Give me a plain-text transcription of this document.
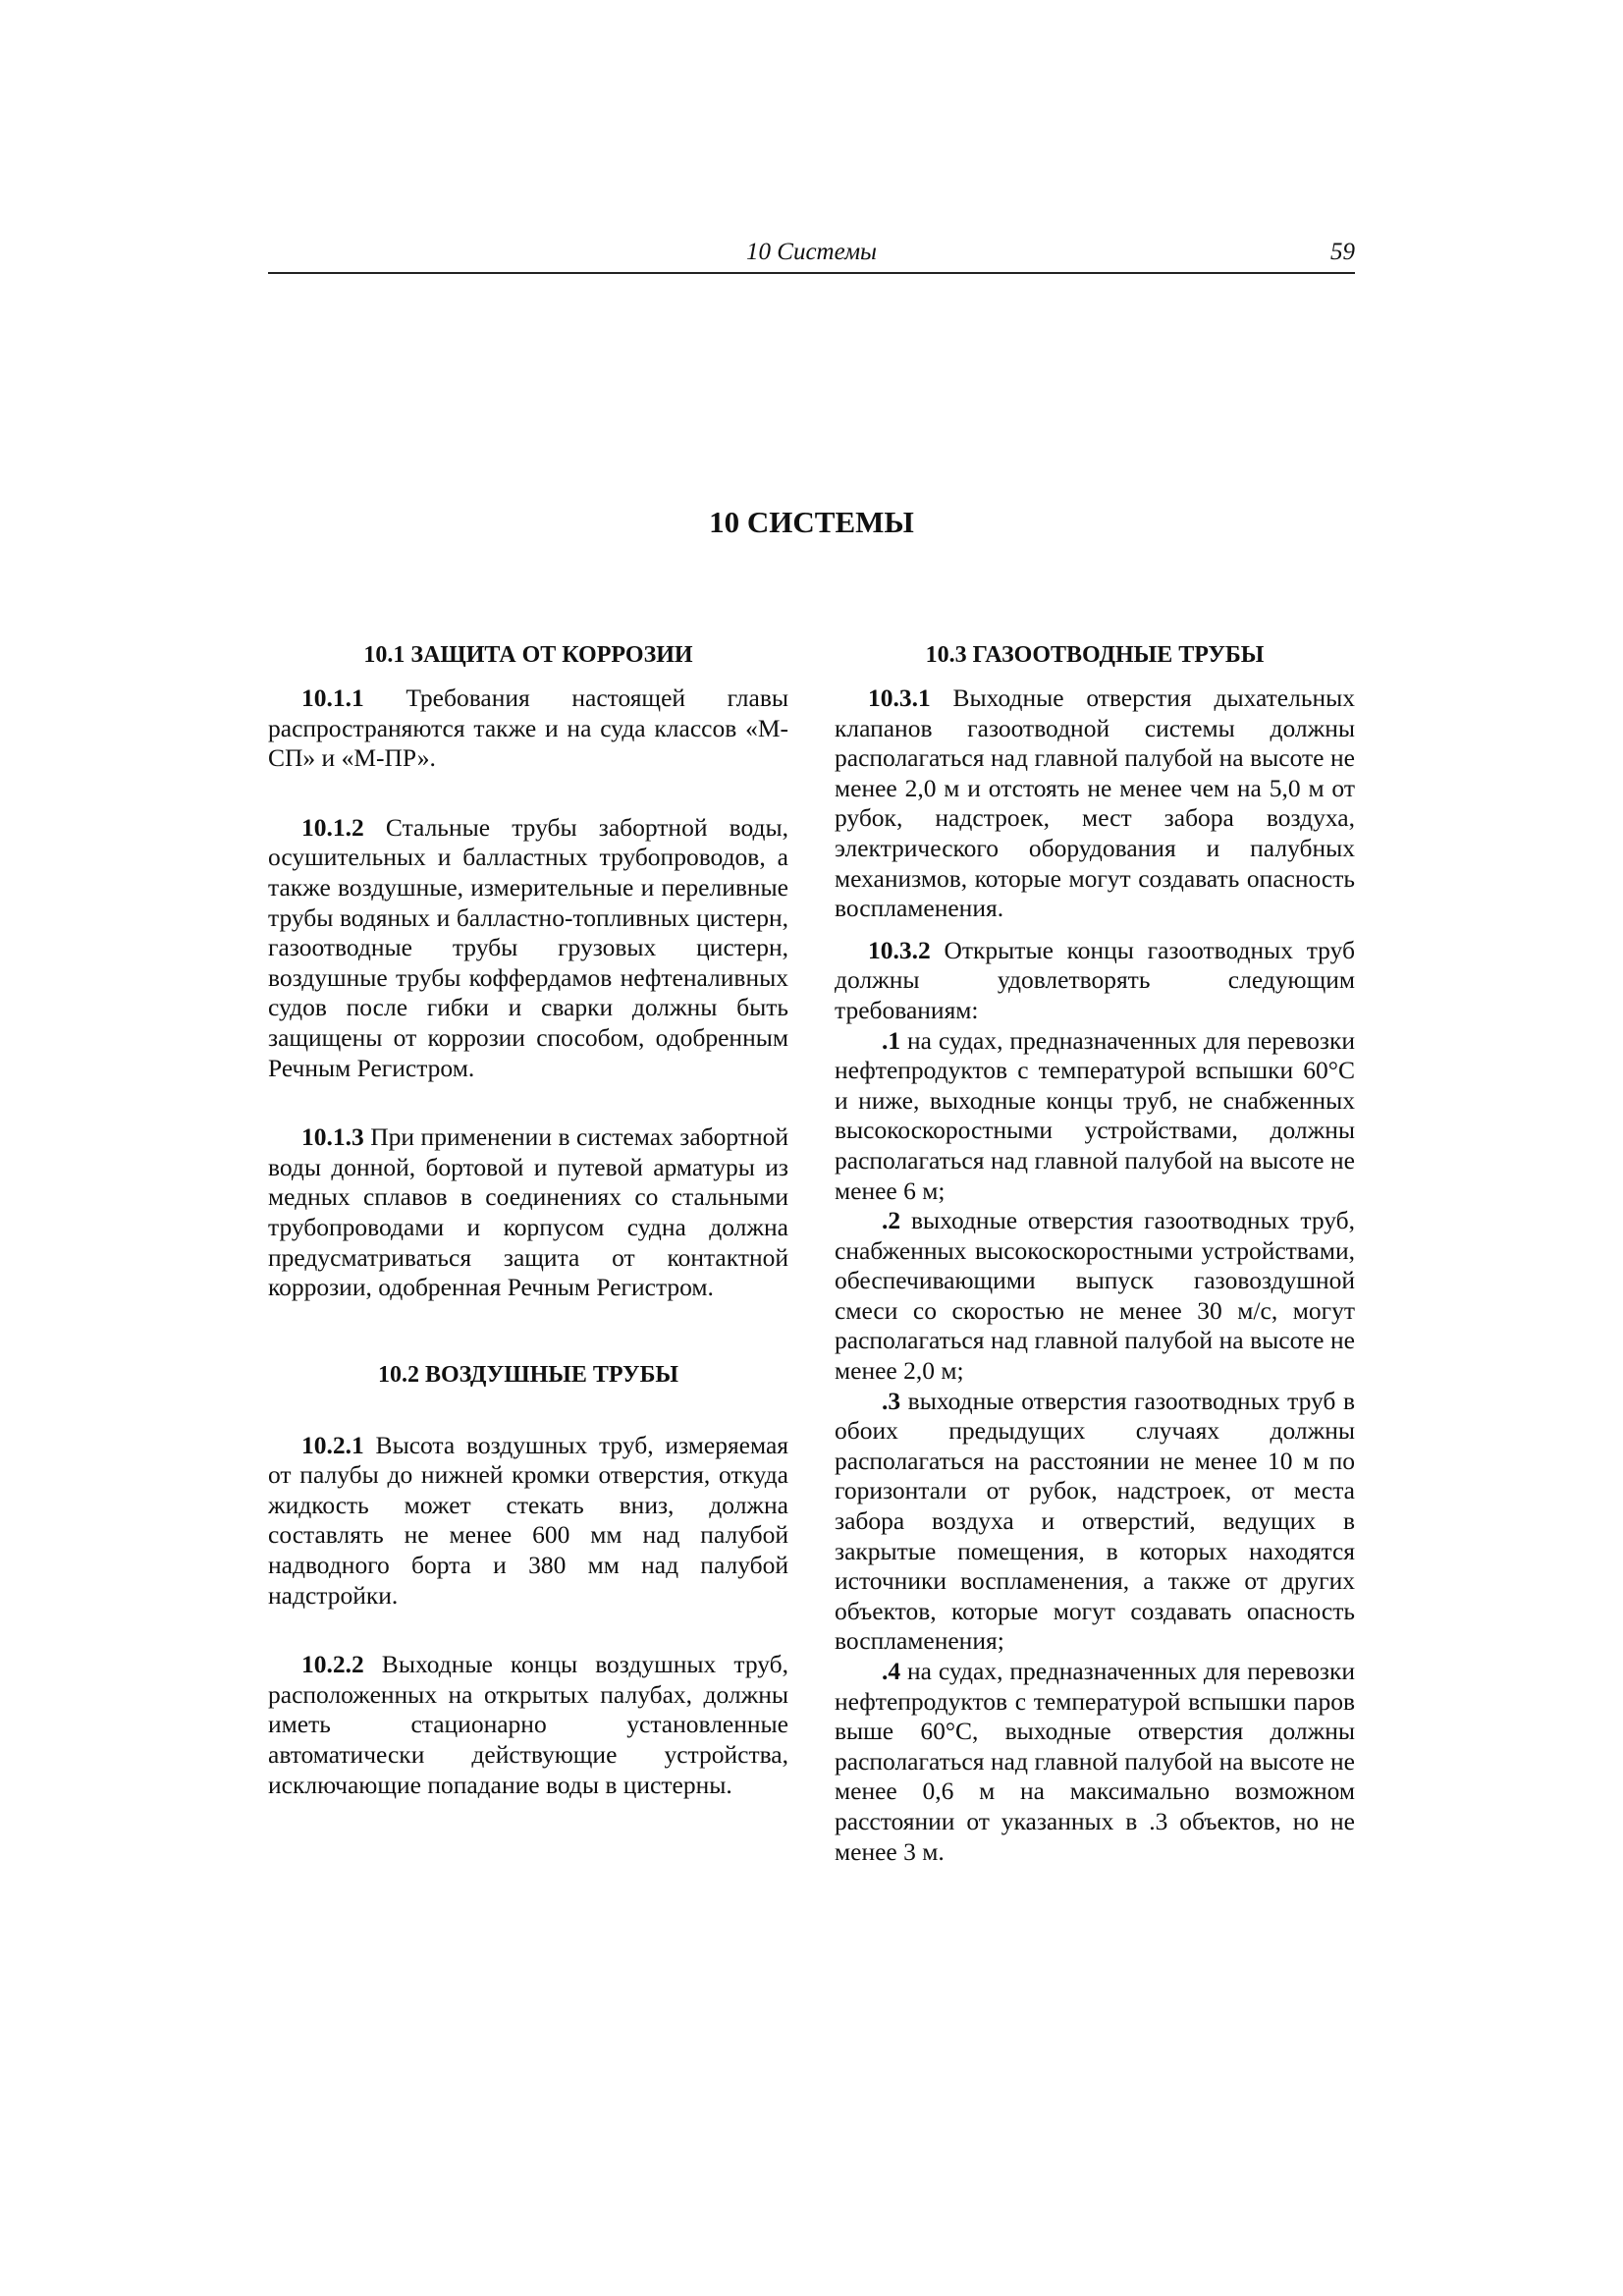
10 Системы	59
10 СИСТЕМЫ
10.1 ЗАЩИТА ОТ КОРРОЗИИ

10.1.1 Требования настоящей главы распространяются также и на суда классов «М-СП» и «М-ПР».

10.1.2 Стальные трубы забортной воды, осушительных и балластных трубопроводов, а также воздушные, измерительные и переливные трубы водяных и балластно-топливных цистерн, газоотводные трубы грузовых цистерн, воздушные трубы коффердамов нефтеналивных судов после гибки и сварки должны быть защищены от коррозии способом, одобренным Речным Регистром.

10.1.3 При применении в системах забортной воды донной, бортовой и путевой арматуры из медных сплавов в соединениях со стальными трубопроводами и корпусом судна должна предусматриваться защита от контактной коррозии, одобренная Речным Регистром.

10.2 ВОЗДУШНЫЕ ТРУБЫ

10.2.1 Высота воздушных труб, измеряемая от палубы до нижней кромки отверстия, откуда жидкость может стекать вниз, должна составлять не менее 600 мм над палубой надводного борта и 380 мм над палубой надстройки.

10.2.2 Выходные концы воздушных труб, расположенных на открытых палубах, должны иметь стационарно установленные автоматически действующие устройства, исключающие попадание воды в цистерны.

10.3 ГАЗООТВОДНЫЕ ТРУБЫ

10.3.1 Выходные отверстия дыхательных клапанов газоотводной системы должны располагаться над главной палубой на высоте не менее 2,0 м и отстоять не менее чем на 5,0 м от рубок, надстроек, мест забора воздуха, электрического оборудования и палубных механизмов, которые могут создавать опасность воспламенения.

10.3.2 Открытые концы газоотводных труб должны удовлетворять следующим требованиям:

.1 на судах, предназначенных для перевозки нефтепродуктов с температурой вспышки 60°С и ниже, выходные концы труб, не снабженных высокоскоростными устройствами, должны располагаться над главной палубой на высоте не менее 6 м;

.2 выходные отверстия газоотводных труб, снабженных высокоскоростными устройствами, обеспечивающими выпуск газовоздушной смеси со скоростью не менее 30 м/с, могут располагаться над главной палубой на высоте не менее 2,0 м;

.3 выходные отверстия газоотводных труб в обоих предыдущих случаях должны располагаться на расстоянии не менее 10 м по горизонтали от рубок, надстроек, от места забора воздуха и отверстий, ведущих в закрытые помещения, в которых находятся источники воспламенения, а также от других объектов, которые могут создавать опасность воспламенения;

.4 на судах, предназначенных для перевозки нефтепродуктов с температурой вспышки паров выше 60°С, выходные отверстия должны располагаться над главной палубой на высоте не менее 0,6 м на максимально возможном расстоянии от указанных в .3 объектов, но не менее 3 м.
